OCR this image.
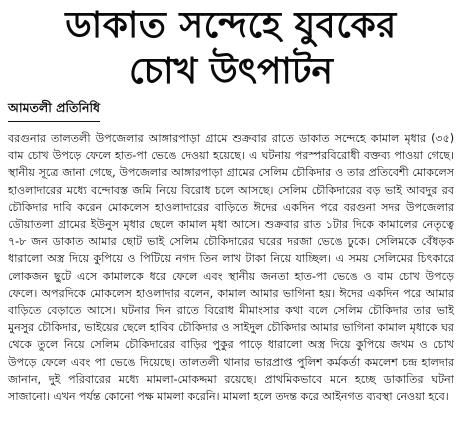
ডাকাত সন্দেহে যুবকের
চোখ উৎপাটন
আমতলী প্রতিনিধি

বরগুনার তালতলী উপজেলার আঙ্গারপাড়া গ্রামে শুক্রবার রাতে ডাকাত সন্দেহে কামাল মৃধার (৩৫) বাম চোখ উপড়ে ফেলে হাত-পা ভেঙে দেওয়া হয়েছে। এ ঘটনায় পরস্পরবিরোধী বক্তব্য পাওয়া গেছে। স্থানীয় সূত্রে জানা গেছে, উপজেলার আঙ্গারপাড়া গ্রামের সেলিম চৌকিদার ও তার প্রতিবেশী মোকলেস হাওলাদারের মধ্যে বন্দোবস্ত জমি নিয়ে বিরোধ চলে আসছে। সেলিম চৌকিদারের বড় ভাই আবদুর রব চৌকিদার দাবি করেন মোকলেস হাওলাদারের বাড়িতে ঈদের একদিন পরে বরগুনা সদর উপজেলার ডৌয়াতলা গ্রামের ইউনুস মৃধার ছেলে কামাল মৃধা আসে। শুক্রবার রাত ১টার দিকে কামালের নেতৃত্বে ৭-৮ জন ডাকাত আমার ছোট ভাই সেলিম চৌকিদারের ঘরের দরজা ভেঙে ঢুকে। সেলিমকে বেঁধড়ক ধারালো অস্ত্র দিয়ে কুপিয়ে ও পিটিয়ে নগদ তিন লাখ টাকা নিয়ে যাচ্ছিল। এ সময় সেলিমের চিৎকারে লোকজন ছুটে এসে কামালকে ধরে ফেলে এবং স্থানীয় জনতা হাত-পা ভেঙে ও বাম চোখ উপড়ে ফেলে। অপরদিকে মোকলেস হাওলাদার বলেন, কামাল আমার ভাগিনা হয়। ঈদের একদিন পরে আমার বাড়িতে বেড়াতে আসে। ঘটনার দিন রাতে বিরোধ মীমাংসার কথা বলে সেলিম চৌকিদার তার ভাই মুনসুর চৌকিদার, ভাইয়ের ছেলে হাবিব চৌকিদার ও সাইদুল চৌকিদার আমার ভাগিনা কামাল মৃধাকে ঘর থেকে তুলে নিয়ে সেলিম চৌকিদারের বাড়ির পুকুর পাড়ে ধারালো অস্ত্র দিয়ে কুপিয়ে জখম ও চোখ উপড়ে ফেলে এবং পা ভেঙে দিয়েছে। তালতলী থানার ভারপ্রাপ্ত পুলিশ কর্মকর্তা কমলেশ চন্দ্র হালদার জানান, দুই পরিবারের মধ্যে মামলা-মোকদ্দমা রয়েছে। প্রাথমিকভাবে মনে হচ্ছে ডাকাতির ঘটনা সাজানো। এখন পর্যন্ত কোনো পক্ষ মামলা করেনি। মামলা হলে তদন্ত করে আইনগত ব্যবস্থা নেওয়া হবে।
